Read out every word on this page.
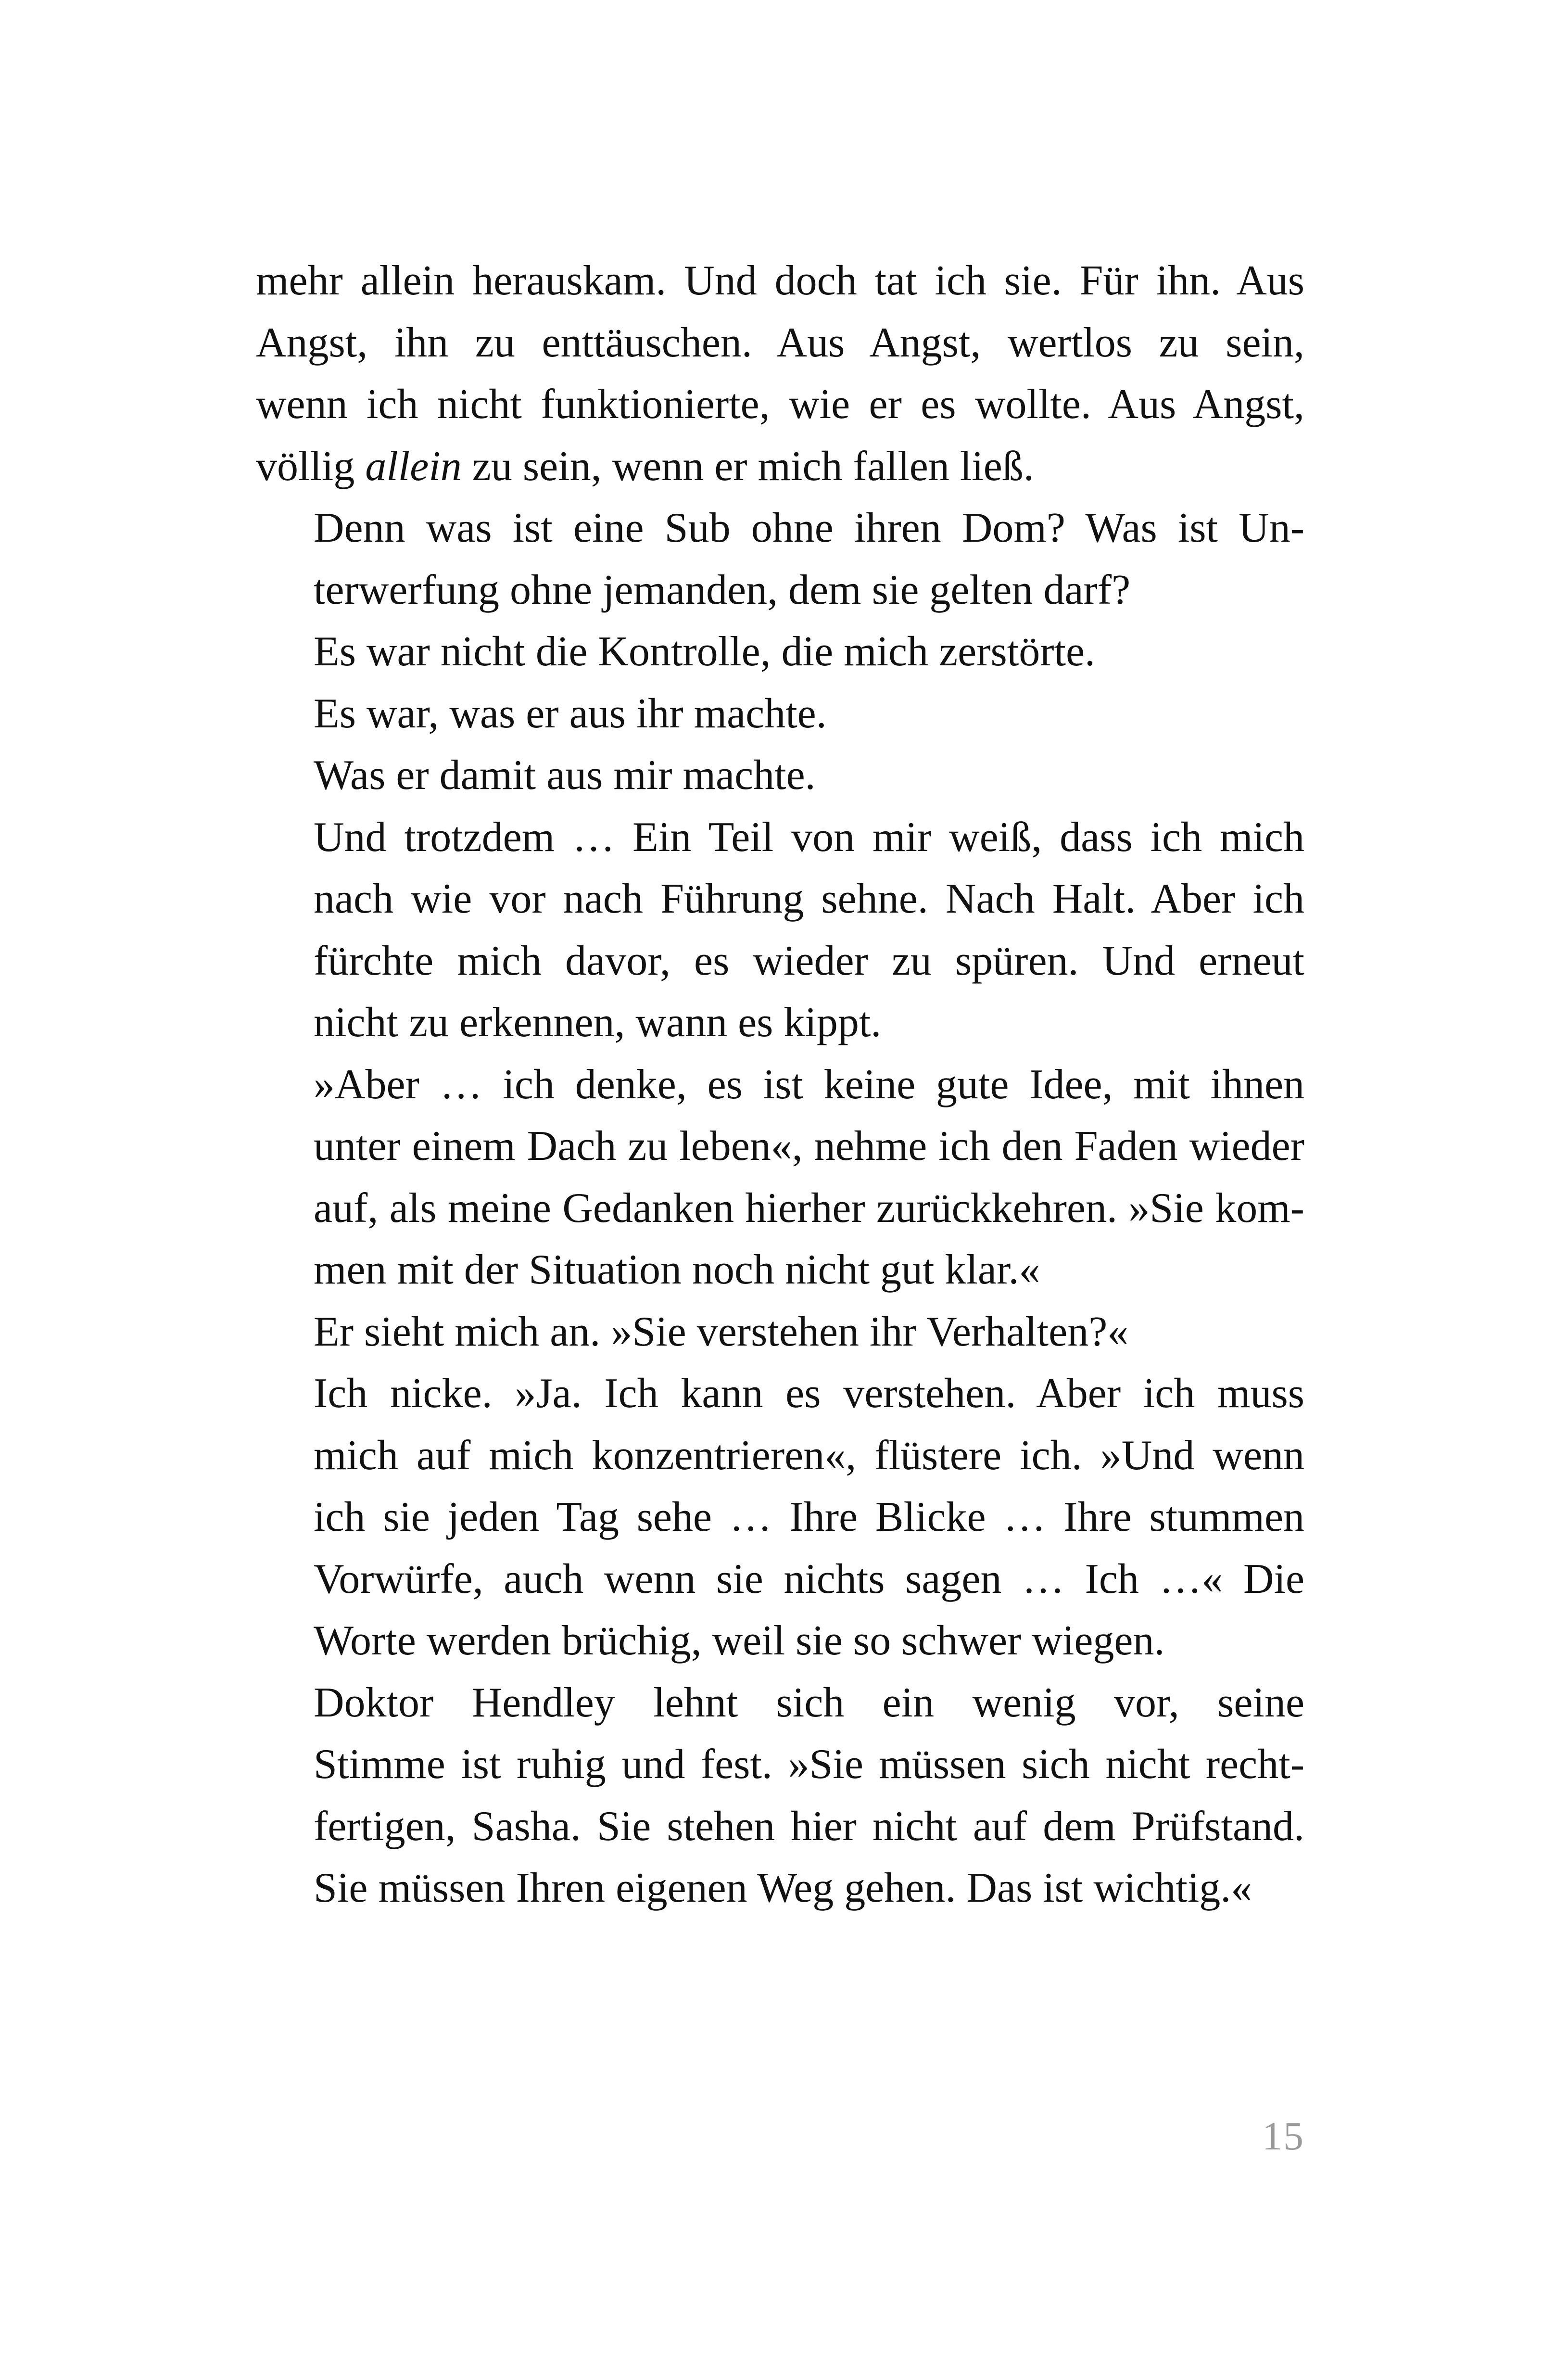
mehr allein herauskam. Und doch tat ich sie. Für ihn. Aus
Angst, ihn zu enttäuschen. Aus Angst, wertlos zu sein,
wenn ich nicht funktionierte, wie er es wollte. Aus Angst,
völlig allein zu sein, wenn er mich fallen ließ.

Denn was ist eine Sub ohne ihren Dom? Was ist Un-
terwerfung ohne jemanden, dem sie gelten darf?

Es war nicht die Kontrolle, die mich zerstörte.

Es war, was er aus ihr machte.

Was er damit aus mir machte.

Und trotzdem … Ein Teil von mir weiß, dass ich mich
nach wie vor nach Führung sehne. Nach Halt. Aber ich
fürchte mich davor, es wieder zu spüren. Und erneut
nicht zu erkennen, wann es kippt.

»Aber … ich denke, es ist keine gute Idee, mit ihnen
unter einem Dach zu leben«, nehme ich den Faden wieder
auf, als meine Gedanken hierher zurückkehren. »Sie kom-
men mit der Situation noch nicht gut klar.«

Er sieht mich an. »Sie verstehen ihr Verhalten?«

Ich nicke. »Ja. Ich kann es verstehen. Aber ich muss
mich auf mich konzentrieren«, flüstere ich. »Und wenn
ich sie jeden Tag sehe … Ihre Blicke … Ihre stummen
Vorwürfe, auch wenn sie nichts sagen … Ich …« Die
Worte werden brüchig, weil sie so schwer wiegen.

Doktor Hendley lehnt sich ein wenig vor, seine
Stimme ist ruhig und fest. »Sie müssen sich nicht recht-
fertigen, Sasha. Sie stehen hier nicht auf dem Prüfstand.
Sie müssen Ihren eigenen Weg gehen. Das ist wichtig.«

15
